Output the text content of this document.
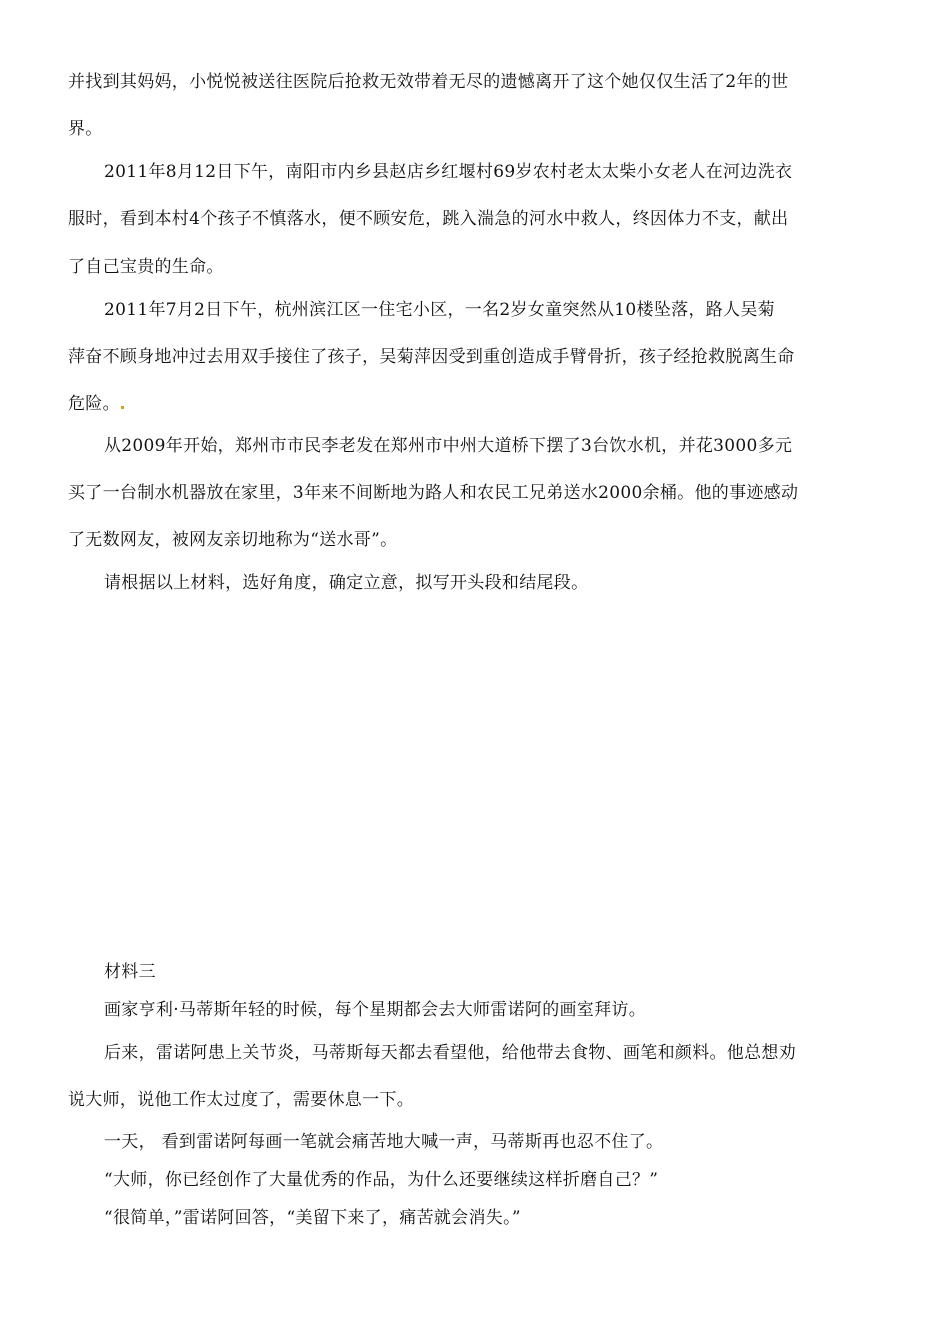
并找到其妈妈，小悦悦被送往医院后抢救无效带着无尽的遗憾离开了这个她仅仅生活了2年的世
界。
2011年8月12日下午，南阳市内乡县赵店乡红堰村69岁农村老太太柴小女老人在河边洗衣
服时，看到本村4个孩子不慎落水，便不顾安危，跳入湍急的河水中救人，终因体力不支，献出
了自己宝贵的生命。
2011年7月2日下午，杭州滨江区一住宅小区，一名2岁女童突然从10楼坠落，路人吴菊
萍奋不顾身地冲过去用双手接住了孩子，吴菊萍因受到重创造成手臂骨折，孩子经抢救脱离生命
危险。
从2009年开始，郑州市市民李老发在郑州市中州大道桥下摆了3台饮水机，并花3000多元
买了一台制水机器放在家里，3年来不间断地为路人和农民工兄弟送水2000余桶。他的事迹感动
了无数网友，被网友亲切地称为“送水哥”。
请根据以上材料，选好角度，确定立意，拟写开头段和结尾段。
材料三
画家亨利·马蒂斯年轻的时候，每个星期都会去大师雷诺阿的画室拜访。
后来，雷诺阿患上关节炎，马蒂斯每天都去看望他，给他带去食物、画笔和颜料。他总想劝
说大师，说他工作太过度了，需要休息一下。
一天， 看到雷诺阿每画一笔就会痛苦地大喊一声，马蒂斯再也忍不住了。
“大师，你已经创作了大量优秀的作品，为什么还要继续这样折磨自己？”
“很简单，”雷诺阿回答，“美留下来了，痛苦就会消失。”
